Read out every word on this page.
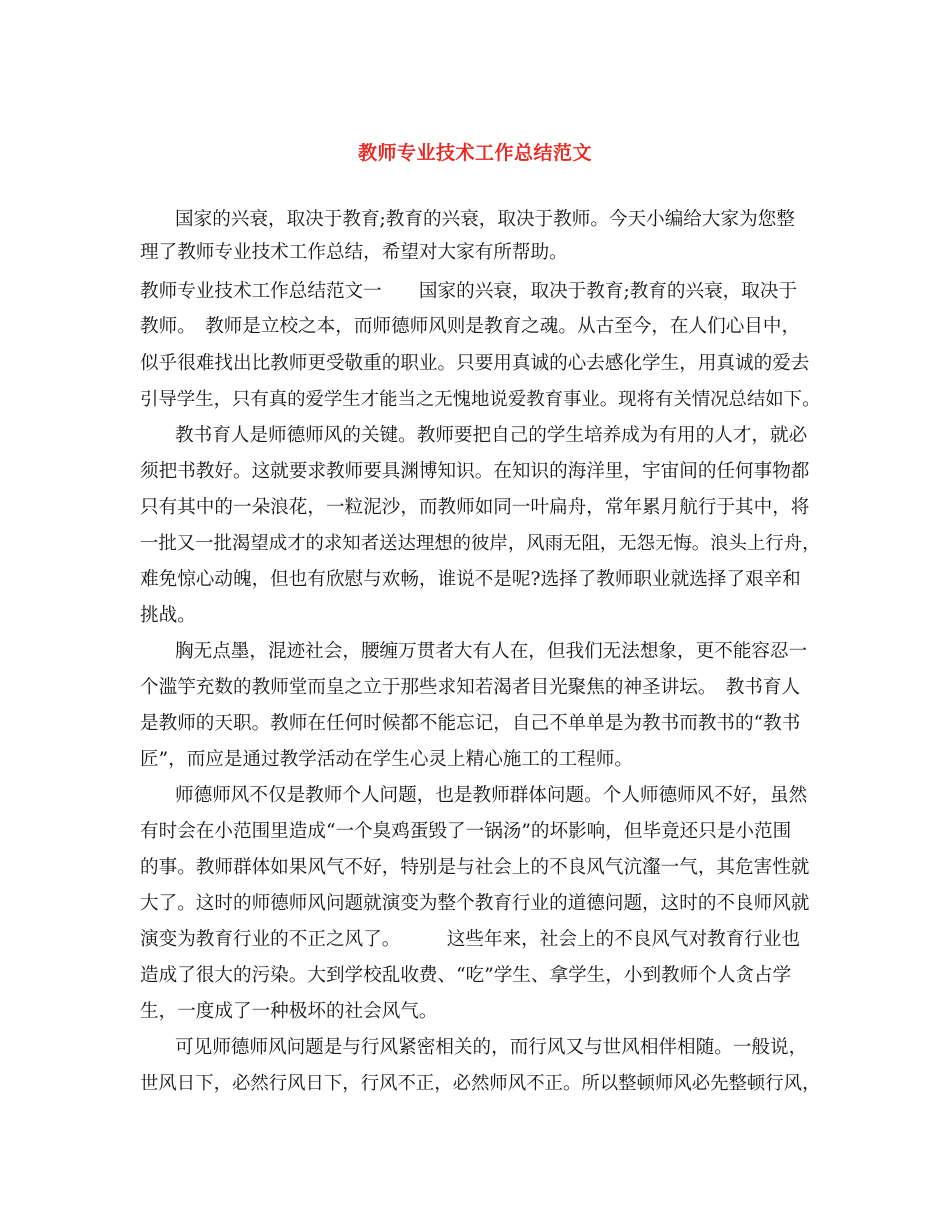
教师专业技术工作总结范文
国家的兴衰，取决于教育;教育的兴衰，取决于教师。今天小编给大家为您整
理了教师专业技术工作总结，希望对大家有所帮助。
教师专业技术工作总结范文一　　国家的兴衰，取决于教育;教育的兴衰，取决于
教师。　教师是立校之本，而师德师风则是教育之魂。从古至今，在人们心目中，
似乎很难找出比教师更受敬重的职业。只要用真诚的心去感化学生，用真诚的爱去
引导学生，只有真的爱学生才能当之无愧地说爱教育事业。现将有关情况总结如下。
教书育人是师德师风的关键。教师要把自己的学生培养成为有用的人才，就必
须把书教好。这就要求教师要具渊博知识。在知识的海洋里，宇宙间的任何事物都
只有其中的一朵浪花，一粒泥沙，而教师如同一叶扁舟，常年累月航行于其中，将
一批又一批渴望成才的求知者送达理想的彼岸，风雨无阻，无怨无悔。浪头上行舟，
难免惊心动魄，但也有欣慰与欢畅，谁说不是呢?选择了教师职业就选择了艰辛和
挑战。
胸无点墨，混迹社会，腰缠万贯者大有人在，但我们无法想象，更不能容忍一
个滥竽充数的教师堂而皇之立于那些求知若渴者目光聚焦的神圣讲坛。　教书育人
是教师的天职。教师在任何时候都不能忘记，自己不单单是为教书而教书的“教书
匠”，而应是通过教学活动在学生心灵上精心施工的工程师。
师德师风不仅是教师个人问题，也是教师群体问题。个人师德师风不好，虽然
有时会在小范围里造成“一个臭鸡蛋毁了一锅汤”的坏影响，但毕竟还只是小范围
的事。教师群体如果风气不好，特别是与社会上的不良风气沆瀣一气，其危害性就
大了。这时的师德师风问题就演变为整个教育行业的道德问题，这时的不良师风就
演变为教育行业的不正之风了。　　　这些年来，社会上的不良风气对教育行业也
造成了很大的污染。大到学校乱收费、“吃”学生、拿学生，小到教师个人贪占学
生，一度成了一种极坏的社会风气。
可见师德师风问题是与行风紧密相关的，而行风又与世风相伴相随。一般说，
世风日下，必然行风日下，行风不正，必然师风不正。所以整顿师风必先整顿行风，
